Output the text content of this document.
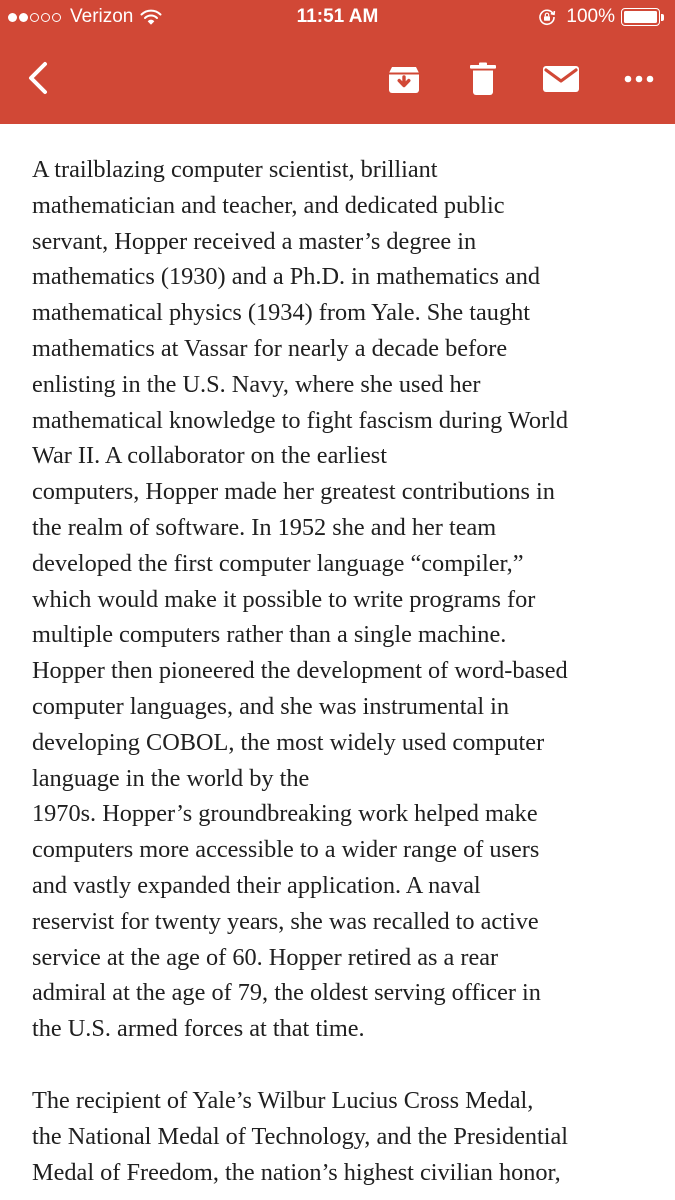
Verizon	11:51 AM	100%

A trailblazing computer scientist, brilliant
mathematician and teacher, and dedicated public
servant, Hopper received a master’s degree in
mathematics (1930) and a Ph.D. in mathematics and
mathematical physics (1934) from Yale. She taught
mathematics at Vassar for nearly a decade before
enlisting in the U.S. Navy, where she used her
mathematical knowledge to fight fascism during World
War II. A collaborator on the earliest
computers, Hopper made her greatest contributions in
the realm of software. In 1952 she and her team
developed the first computer language “compiler,”
which would make it possible to write programs for
multiple computers rather than a single machine.
Hopper then pioneered the development of word-based
computer languages, and she was instrumental in
developing COBOL, the most widely used computer
language in the world by the
1970s. Hopper’s groundbreaking work helped make
computers more accessible to a wider range of users
and vastly expanded their application. A naval
reservist for twenty years, she was recalled to active
service at the age of 60. Hopper retired as a rear
admiral at the age of 79, the oldest serving officer in
the U.S. armed forces at that time.

The recipient of Yale’s Wilbur Lucius Cross Medal,
the National Medal of Technology, and the Presidential
Medal of Freedom, the nation’s highest civilian honor,
